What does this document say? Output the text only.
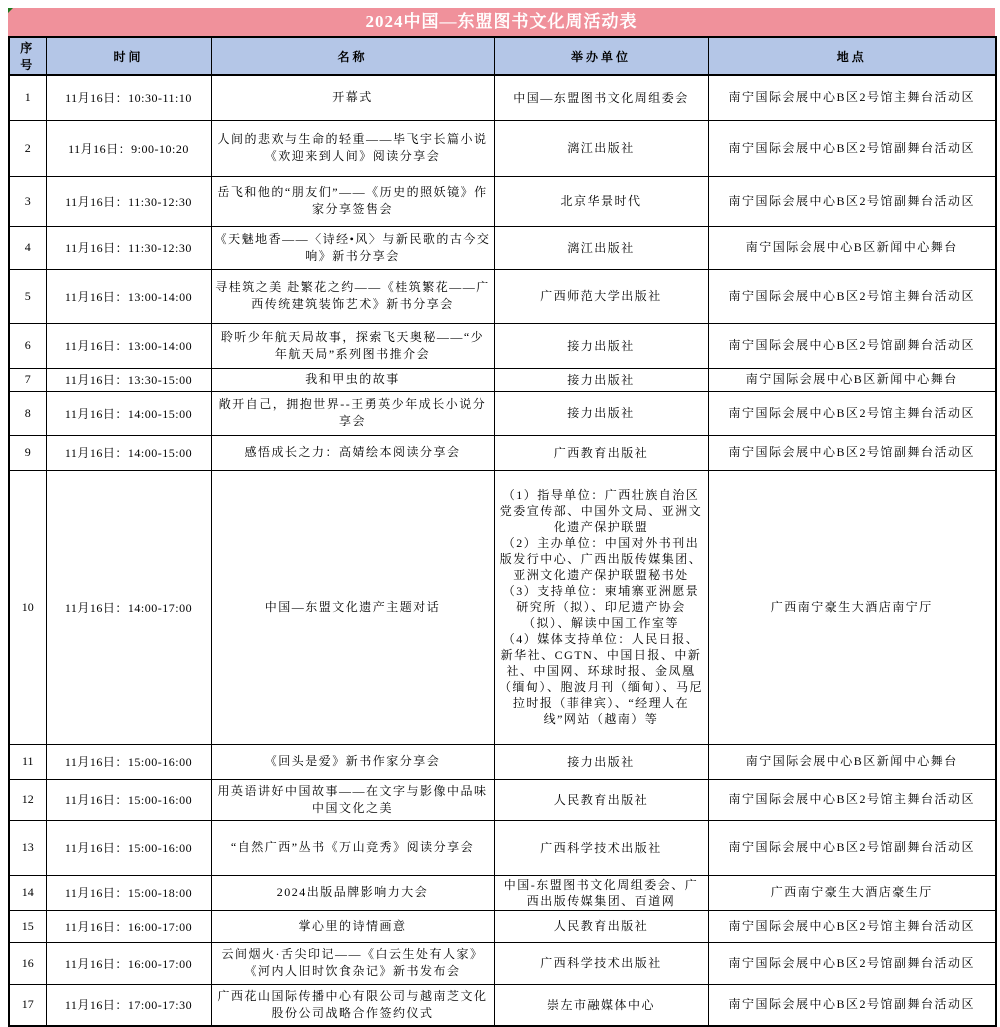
2024中国—东盟图书文化周活动表
序号	时间	名称	举办单位	地点
1	11月16日：10:30-11:10	开幕式	中国—东盟图书文化周组委会	南宁国际会展中心B区2号馆主舞台活动区
2	11月16日：9:00-10:20	人间的悲欢与生命的轻重——毕飞宇长篇小说《欢迎来到人间》阅读分享会	漓江出版社	南宁国际会展中心B区2号馆副舞台活动区
3	11月16日：11:30-12:30	岳飞和他的“朋友们”——《历史的照妖镜》作家分享签售会	北京华景时代	南宁国际会展中心B区2号馆副舞台活动区
4	11月16日：11:30-12:30	《天魅地香——〈诗经•风〉与新民歌的古今交响》新书分享会	漓江出版社	南宁国际会展中心B区新闻中心舞台
5	11月16日：13:00-14:00	寻桂筑之美 赴繁花之约——《桂筑繁花——广西传统建筑装饰艺术》新书分享会	广西师范大学出版社	南宁国际会展中心B区2号馆主舞台活动区
6	11月16日：13:00-14:00	聆听少年航天局故事，探索飞天奥秘——“少年航天局”系列图书推介会	接力出版社	南宁国际会展中心B区2号馆副舞台活动区
7	11月16日：13:30-15:00	我和甲虫的故事	接力出版社	南宁国际会展中心B区新闻中心舞台
8	11月16日：14:00-15:00	敞开自己，拥抱世界--王勇英少年成长小说分享会	接力出版社	南宁国际会展中心B区2号馆主舞台活动区
9	11月16日：14:00-15:00	感悟成长之力：高婧绘本阅读分享会	广西教育出版社	南宁国际会展中心B区2号馆副舞台活动区
10	11月16日：14:00-17:00	中国—东盟文化遗产主题对话	（1）指导单位：广西壮族自治区党委宣传部、中国外文局、亚洲文化遗产保护联盟
（2）主办单位：中国对外书刊出版发行中心、广西出版传媒集团、亚洲文化遗产保护联盟秘书处
（3）支持单位：柬埔寨亚洲愿景研究所（拟）、印尼遗产协会（拟）、解读中国工作室等
（4）媒体支持单位：人民日报、新华社、CGTN、中国日报、中新社、中国网、环球时报、金凤凰（缅甸）、胞波月刊（缅甸）、马尼拉时报（菲律宾）、“经理人在线”网站（越南）等	广西南宁豪生大酒店南宁厅
11	11月16日：15:00-16:00	《回头是爱》新书作家分享会	接力出版社	南宁国际会展中心B区新闻中心舞台
12	11月16日：15:00-16:00	用英语讲好中国故事——在文字与影像中品味中国文化之美	人民教育出版社	南宁国际会展中心B区2号馆主舞台活动区
13	11月16日：15:00-16:00	“自然广西”丛书《万山竞秀》阅读分享会	广西科学技术出版社	南宁国际会展中心B区2号馆副舞台活动区
14	11月16日：15:00-18:00	2024出版品牌影响力大会	中国-东盟图书文化周组委会、广西出版传媒集团、百道网	广西南宁豪生大酒店豪生厅
15	11月16日：16:00-17:00	掌心里的诗情画意	人民教育出版社	南宁国际会展中心B区2号馆主舞台活动区
16	11月16日：16:00-17:00	云间烟火·舌尖印记——《白云生处有人家》《河内人旧时饮食杂记》新书发布会	广西科学技术出版社	南宁国际会展中心B区2号馆副舞台活动区
17	11月16日：17:00-17:30	广西花山国际传播中心有限公司与越南芝文化股份公司战略合作签约仪式	崇左市融媒体中心	南宁国际会展中心B区2号馆副舞台活动区
